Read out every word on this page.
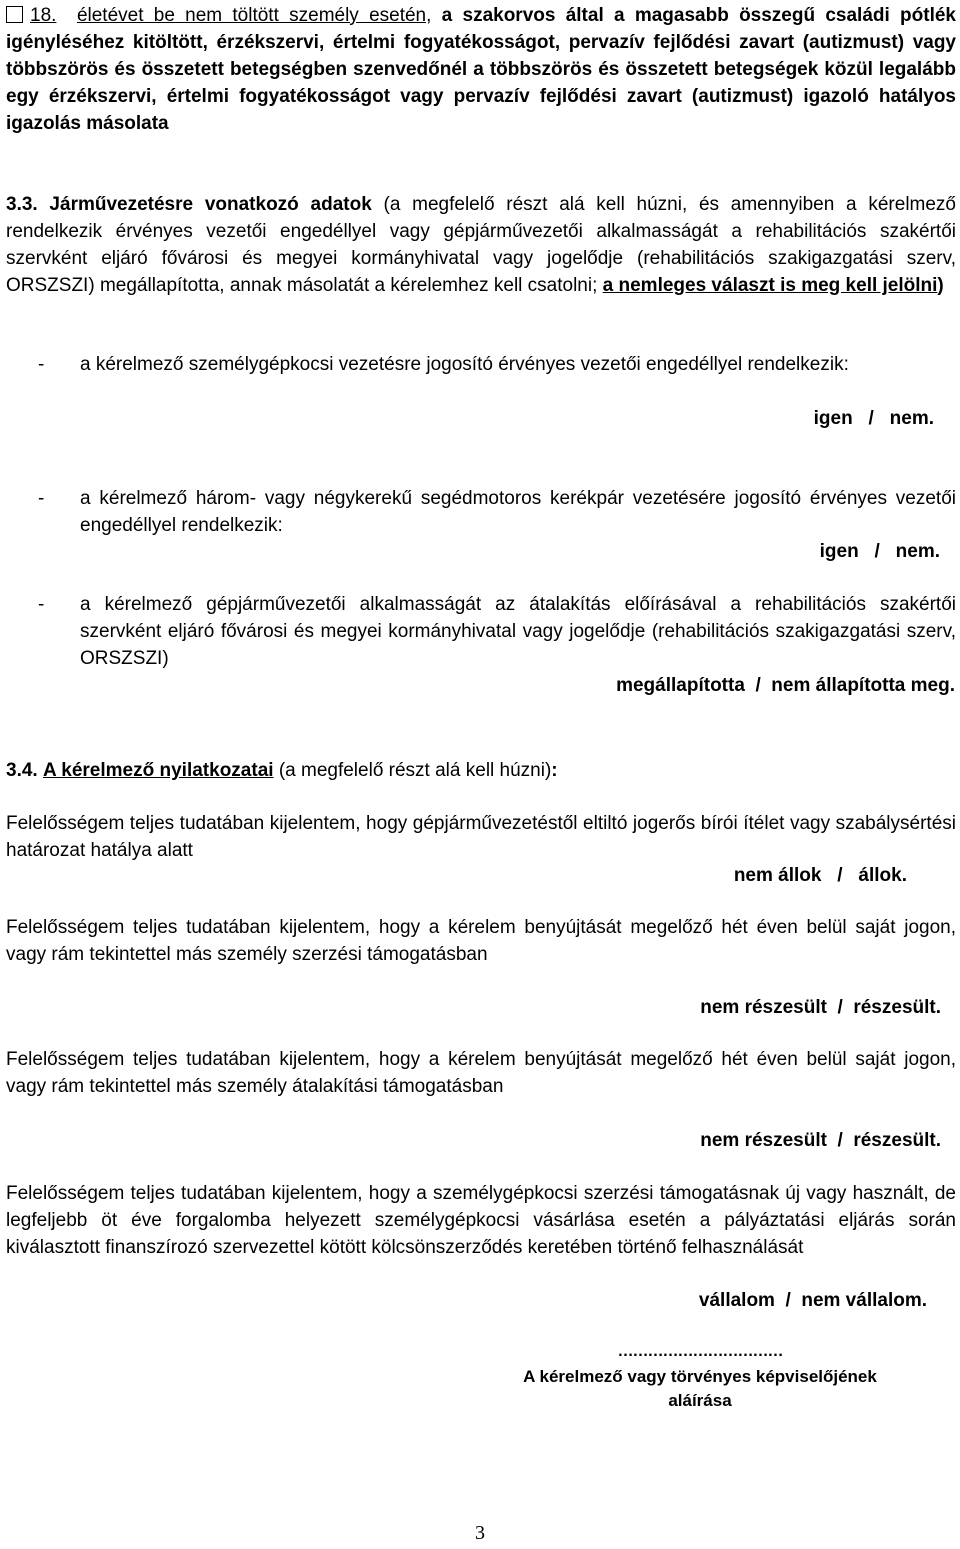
18. életévet be nem töltött személy esetén, a szakorvos által a magasabb összegű családi pótlék igényléséhez kitöltött, érzékszervi, értelmi fogyatékosságot, pervazív fejlődési zavart (autizmust) vagy többszörös és összetett betegségben szenvedőnél a többszörös és összetett betegségek közül legalább egy érzékszervi, értelmi fogyatékosságot vagy pervazív fejlődési zavart (autizmust) igazoló hatályos igazolás másolata
3.3. Járművezetésre vonatkozó adatok (a megfelelő részt alá kell húzni, és amennyiben a kérelmező rendelkezik érvényes vezetői engedéllyel vagy gépjárművezetői alkalmasságát a rehabilitációs szakértői szervként eljáró fővárosi és megyei kormányhivatal vagy jogelődje (rehabilitációs szakigazgatási szerv, ORSZSZI) megállapította, annak másolatát a kérelemhez kell csatolni; a nemleges választ is meg kell jelölni)
- a kérelmező személygépkocsi vezetésre jogosító érvényes vezetői engedéllyel rendelkezik:
igen   /   nem.
- a kérelmező három- vagy négykerekű segédmotoros kerékpár vezetésére jogosító érvényes vezetői engedéllyel rendelkezik:
igen   /   nem.
- a kérelmező gépjárművezetői alkalmasságát az átalakítás előírásával a rehabilitációs szakértői szervként eljáró fővárosi és megyei kormányhivatal vagy jogelődje (rehabilitációs szakigazgatási szerv, ORSZSZI)
megállapította  /  nem állapította meg.
3.4. A kérelmező nyilatkozatai (a megfelelő részt alá kell húzni):
Felelősségem teljes tudatában kijelentem, hogy gépjárművezetéstől eltiltó jogerős bírói ítélet vagy szabálysértési határozat hatálya alatt
nem állok   /   állok.
Felelősségem teljes tudatában kijelentem, hogy a kérelem benyújtását megelőző hét éven belül saját jogon, vagy rám tekintettel más személy szerzési támogatásban
nem részesült  /  részesült.
Felelősségem teljes tudatában kijelentem, hogy a kérelem benyújtását megelőző hét éven belül saját jogon, vagy rám tekintettel más személy átalakítási támogatásban
nem részesült  /  részesült.
Felelősségem teljes tudatában kijelentem, hogy a személygépkocsi szerzési támogatásnak új vagy használt, de legfeljebb öt éve forgalomba helyezett személygépkocsi vásárlása esetén a pályáztatási eljárás során kiválasztott finanszírozó szervezettel kötött kölcsönszerződés keretében történő felhasználását
vállalom  /  nem vállalom.
……………………………
A kérelmező vagy törvényes képviselőjének
aláírása
3
